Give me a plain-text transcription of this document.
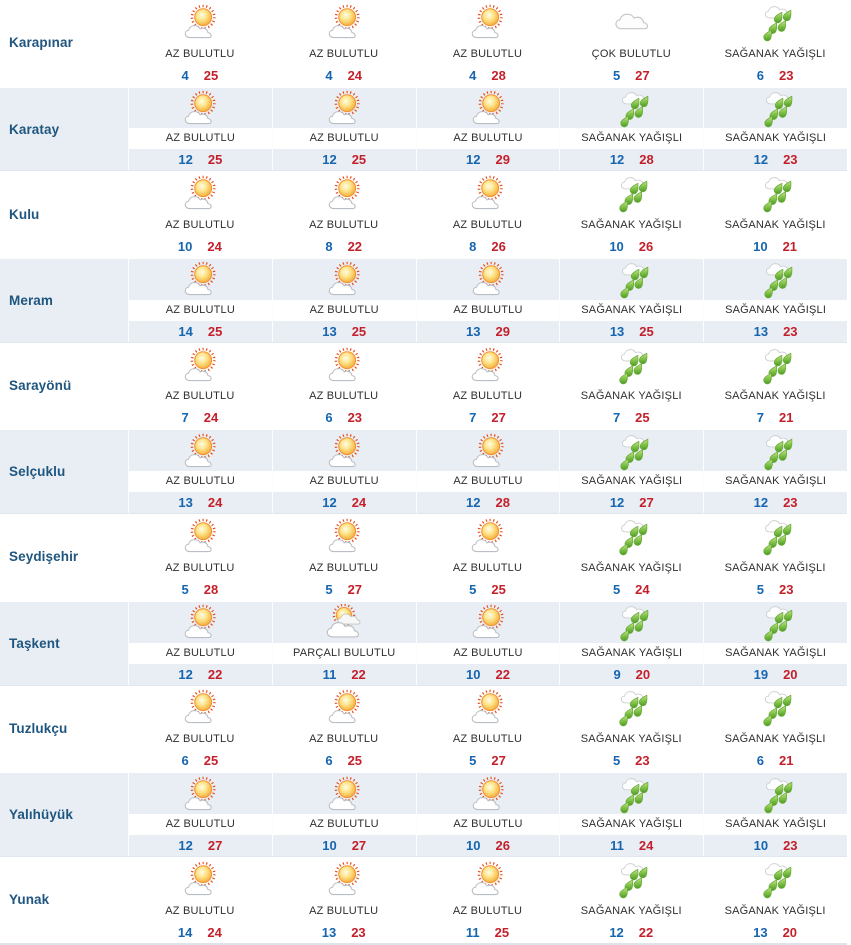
Karapınar
AZ BULUTLU
4 25
AZ BULUTLU
4 24
AZ BULUTLU
4 28
ÇOK BULUTLU
5 27
SAĞANAK YAĞIŞLI
6 23
Karatay
AZ BULUTLU
12 25
AZ BULUTLU
12 25
AZ BULUTLU
12 29
SAĞANAK YAĞIŞLI
12 28
SAĞANAK YAĞIŞLI
12 23
Kulu
AZ BULUTLU
10 24
AZ BULUTLU
8 22
AZ BULUTLU
8 26
SAĞANAK YAĞIŞLI
10 26
SAĞANAK YAĞIŞLI
10 21
Meram
AZ BULUTLU
14 25
AZ BULUTLU
13 25
AZ BULUTLU
13 29
SAĞANAK YAĞIŞLI
13 25
SAĞANAK YAĞIŞLI
13 23
Sarayönü
AZ BULUTLU
7 24
AZ BULUTLU
6 23
AZ BULUTLU
7 27
SAĞANAK YAĞIŞLI
7 25
SAĞANAK YAĞIŞLI
7 21
Selçuklu
AZ BULUTLU
13 24
AZ BULUTLU
12 24
AZ BULUTLU
12 28
SAĞANAK YAĞIŞLI
12 27
SAĞANAK YAĞIŞLI
12 23
Seydişehir
AZ BULUTLU
5 28
AZ BULUTLU
5 27
AZ BULUTLU
5 25
SAĞANAK YAĞIŞLI
5 24
SAĞANAK YAĞIŞLI
5 23
Taşkent
AZ BULUTLU
12 22
PARÇALI BULUTLU
11 22
AZ BULUTLU
10 22
SAĞANAK YAĞIŞLI
9 20
SAĞANAK YAĞIŞLI
19 20
Tuzlukçu
AZ BULUTLU
6 25
AZ BULUTLU
6 25
AZ BULUTLU
5 27
SAĞANAK YAĞIŞLI
5 23
SAĞANAK YAĞIŞLI
6 21
Yalıhüyük
AZ BULUTLU
12 27
AZ BULUTLU
10 27
AZ BULUTLU
10 26
SAĞANAK YAĞIŞLI
11 24
SAĞANAK YAĞIŞLI
10 23
Yunak
AZ BULUTLU
14 24
AZ BULUTLU
13 23
AZ BULUTLU
11 25
SAĞANAK YAĞIŞLI
12 22
SAĞANAK YAĞIŞLI
13 20
